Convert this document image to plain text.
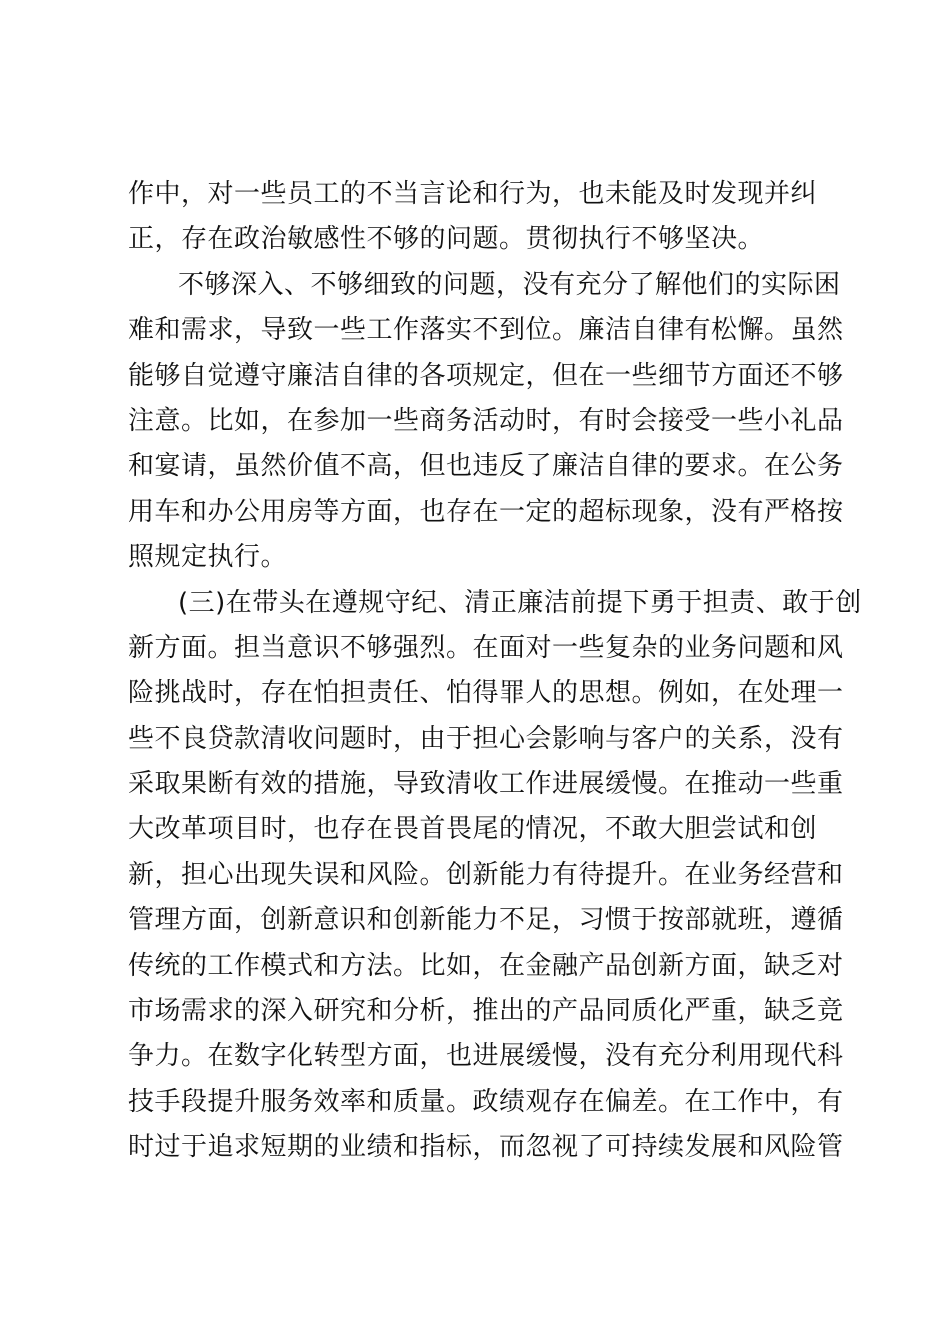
作中，对一些员工的不当言论和行为，也未能及时发现并纠
正，存在政治敏感性不够的问题。贯彻执行不够坚决。
不够深入、不够细致的问题，没有充分了解他们的实际困
难和需求，导致一些工作落实不到位。廉洁自律有松懈。虽然
能够自觉遵守廉洁自律的各项规定，但在一些细节方面还不够
注意。比如，在参加一些商务活动时，有时会接受一些小礼品
和宴请，虽然价值不高，但也违反了廉洁自律的要求。在公务
用车和办公用房等方面，也存在一定的超标现象，没有严格按
照规定执行。
(三)在带头在遵规守纪、清正廉洁前提下勇于担责、敢于创
新方面。担当意识不够强烈。在面对一些复杂的业务问题和风
险挑战时，存在怕担责任、怕得罪人的思想。例如，在处理一
些不良贷款清收问题时，由于担心会影响与客户的关系，没有
采取果断有效的措施，导致清收工作进展缓慢。在推动一些重
大改革项目时，也存在畏首畏尾的情况，不敢大胆尝试和创
新，担心出现失误和风险。创新能力有待提升。在业务经营和
管理方面，创新意识和创新能力不足，习惯于按部就班，遵循
传统的工作模式和方法。比如，在金融产品创新方面，缺乏对
市场需求的深入研究和分析，推出的产品同质化严重，缺乏竞
争力。在数字化转型方面，也进展缓慢，没有充分利用现代科
技手段提升服务效率和质量。政绩观存在偏差。在工作中，有
时过于追求短期的业绩和指标，而忽视了可持续发展和风险管
